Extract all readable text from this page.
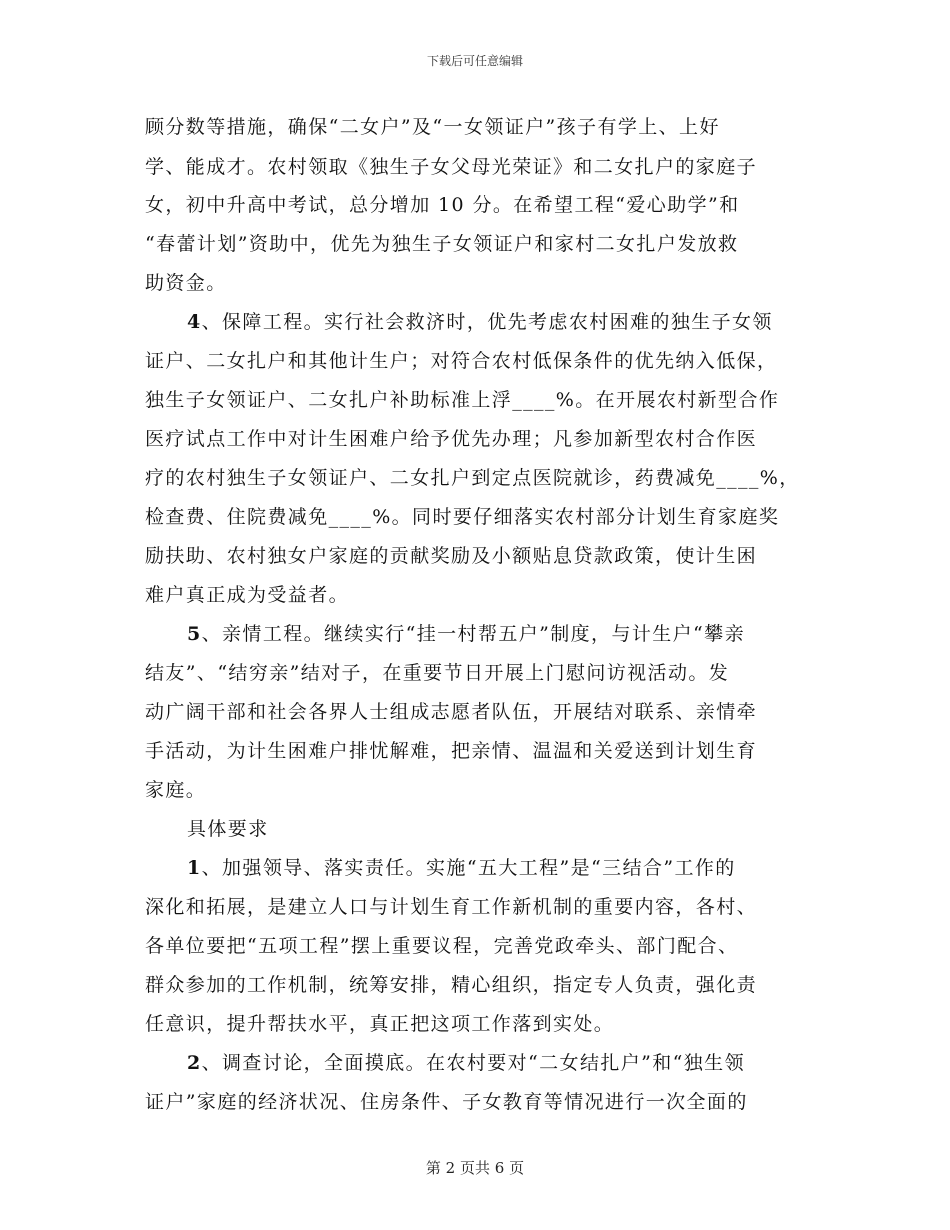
下载后可任意编辑
顾分数等措施，确保“二女户”及“一女领证户”孩子有学上、上好
学、能成才。农村领取《独生子女父母光荣证》和二女扎户的家庭子
女，初中升高中考试，总分增加 10 分。在希望工程“爱心助学”和
“春蕾计划”资助中，优先为独生子女领证户和家村二女扎户发放救
助资金。
4、保障工程。实行社会救济时，优先考虑农村困难的独生子女领
证户、二女扎户和其他计生户；对符合农村低保条件的优先纳入低保，
独生子女领证户、二女扎户补助标准上浮____%。在开展农村新型合作
医疗试点工作中对计生困难户给予优先办理；凡参加新型农村合作医
疗的农村独生子女领证户、二女扎户到定点医院就诊，药费减免____%，
检查费、住院费减免____%。同时要仔细落实农村部分计划生育家庭奖
励扶助、农村独女户家庭的贡献奖励及小额贴息贷款政策，使计生困
难户真正成为受益者。
5、亲情工程。继续实行“挂一村帮五户”制度，与计生户“攀亲
结友”、“结穷亲”结对子，在重要节日开展上门慰问访视活动。发
动广阔干部和社会各界人士组成志愿者队伍，开展结对联系、亲情牵
手活动，为计生困难户排忧解难，把亲情、温温和关爱送到计划生育
家庭。
具体要求
1、加强领导、落实责任。实施“五大工程”是“三结合”工作的
深化和拓展，是建立人口与计划生育工作新机制的重要内容，各村、
各单位要把“五项工程”摆上重要议程，完善党政牵头、部门配合、
群众参加的工作机制，统筹安排，精心组织，指定专人负责，强化责
任意识，提升帮扶水平，真正把这项工作落到实处。
2、调查讨论，全面摸底。在农村要对“二女结扎户”和“独生领
证户”家庭的经济状况、住房条件、子女教育等情况进行一次全面的
第 2 页共 6 页
